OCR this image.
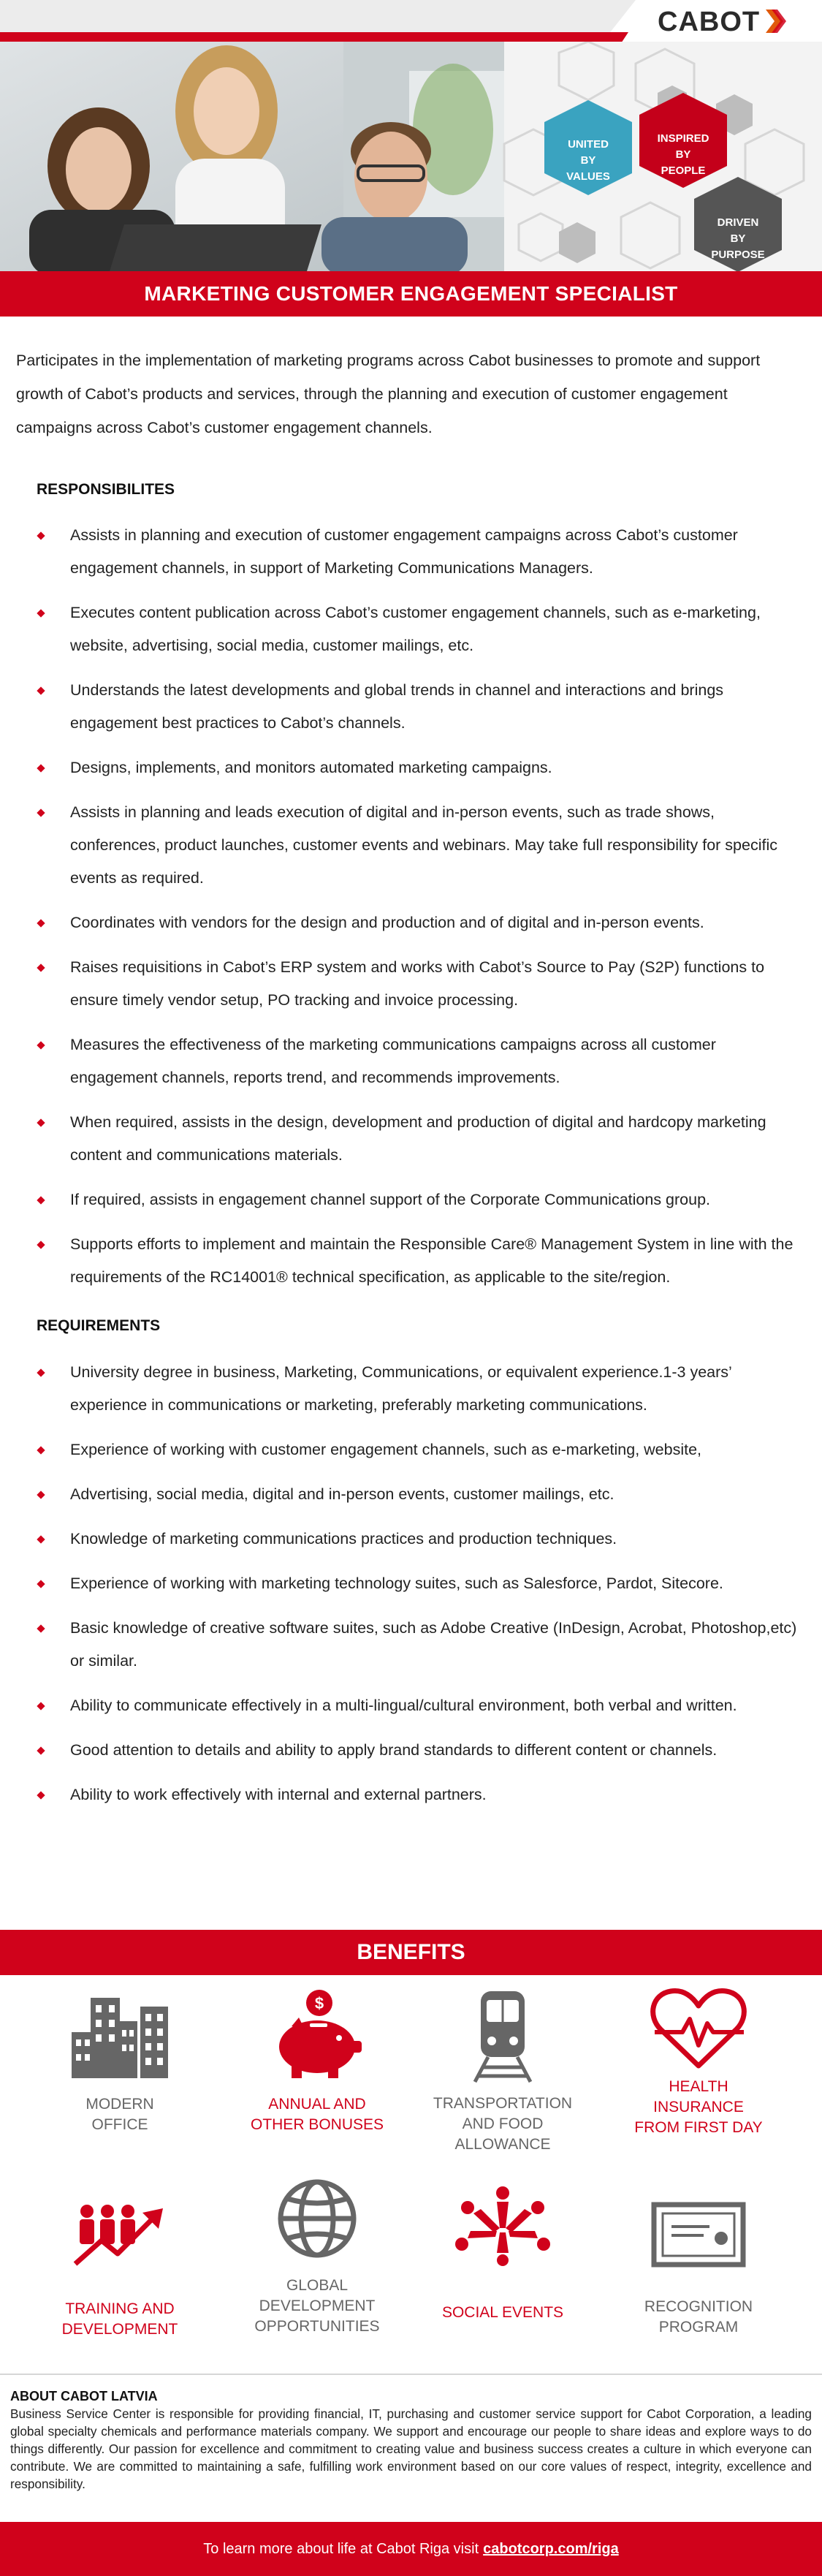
CABOT
UNITED
BY
VALUES
INSPIRED
BY
PEOPLE
DRIVEN
BY
PURPOSE
MARKETING CUSTOMER ENGAGEMENT SPECIALIST

Participates in the implementation of marketing programs across Cabot businesses to promote and support growth of Cabot’s products and services, through the planning and execution of customer engagement campaigns across Cabot’s customer engagement channels.

RESPONSIBILITES
Assists in planning and execution of customer engagement campaigns across Cabot’s customer engagement channels, in support of Marketing Communications Managers.
Executes content publication across Cabot’s customer engagement channels, such as e-marketing, website, advertising, social media, customer mailings, etc.
Understands the latest developments and global trends in channel and interactions and brings engagement best practices to Cabot’s channels.
Designs, implements, and monitors automated marketing campaigns.
Assists in planning and leads execution of digital and in-person events, such as trade shows, conferences, product launches, customer events and webinars. May take full responsibility for specific events as required.
Coordinates with vendors for the design and production and of digital and in-person events.
Raises requisitions in Cabot’s ERP system and works with Cabot’s Source to Pay (S2P) functions to ensure timely vendor setup, PO tracking and invoice processing.
Measures the effectiveness of the marketing communications campaigns across all customer engagement channels, reports trend, and recommends improvements.
When required, assists in the design, development and production of digital and hardcopy marketing content and communications materials.
If required, assists in engagement channel support of the Corporate Communications group.
Supports efforts to implement and maintain the Responsible Care® Management System in line with the requirements of the RC14001® technical specification, as applicable to the site/region.
REQUIREMENTS
University degree in business, Marketing, Communications, or equivalent experience.1-3 years’ experience in communications or marketing, preferably marketing communications.
Experience of working with customer engagement channels, such as e-marketing, website,
Advertising, social media, digital and in-person events, customer mailings, etc.
Knowledge of marketing communications practices and production techniques.
Experience of working with marketing technology suites, such as Salesforce, Pardot, Sitecore.
Basic knowledge of creative software suites, such as Adobe Creative (InDesign, Acrobat, Photoshop,etc) or similar.
Ability to communicate effectively in a multi-lingual/cultural environment, both verbal and written.
Good attention to details and ability to apply brand standards to different content or channels.
Ability to work effectively with internal and external partners.
BENEFITS
MODERN
OFFICE
$
ANNUAL AND
OTHER BONUSES
TRANSPORTATION
AND FOOD
ALLOWANCE
HEALTH
INSURANCE
FROM FIRST DAY
TRAINING AND
DEVELOPMENT
GLOBAL
DEVELOPMENT
OPPORTUNITIES
SOCIAL EVENTS	RECOGNITION
PROGRAM
ABOUT CABOT LATVIA

Business Service Center is responsible for providing financial, IT, purchasing and customer service support for Cabot Corporation, a leading global specialty chemicals and performance materials company. We support and encourage our people to share ideas and explore ways to do things differently. Our passion for excellence and commitment to creating value and business success creates a culture in which everyone can contribute. We are committed to maintaining a safe, fulfilling work environment based on our core values of respect, integrity, excellence and responsibility.

To learn more about life at Cabot Riga visit cabotcorp.com/riga
